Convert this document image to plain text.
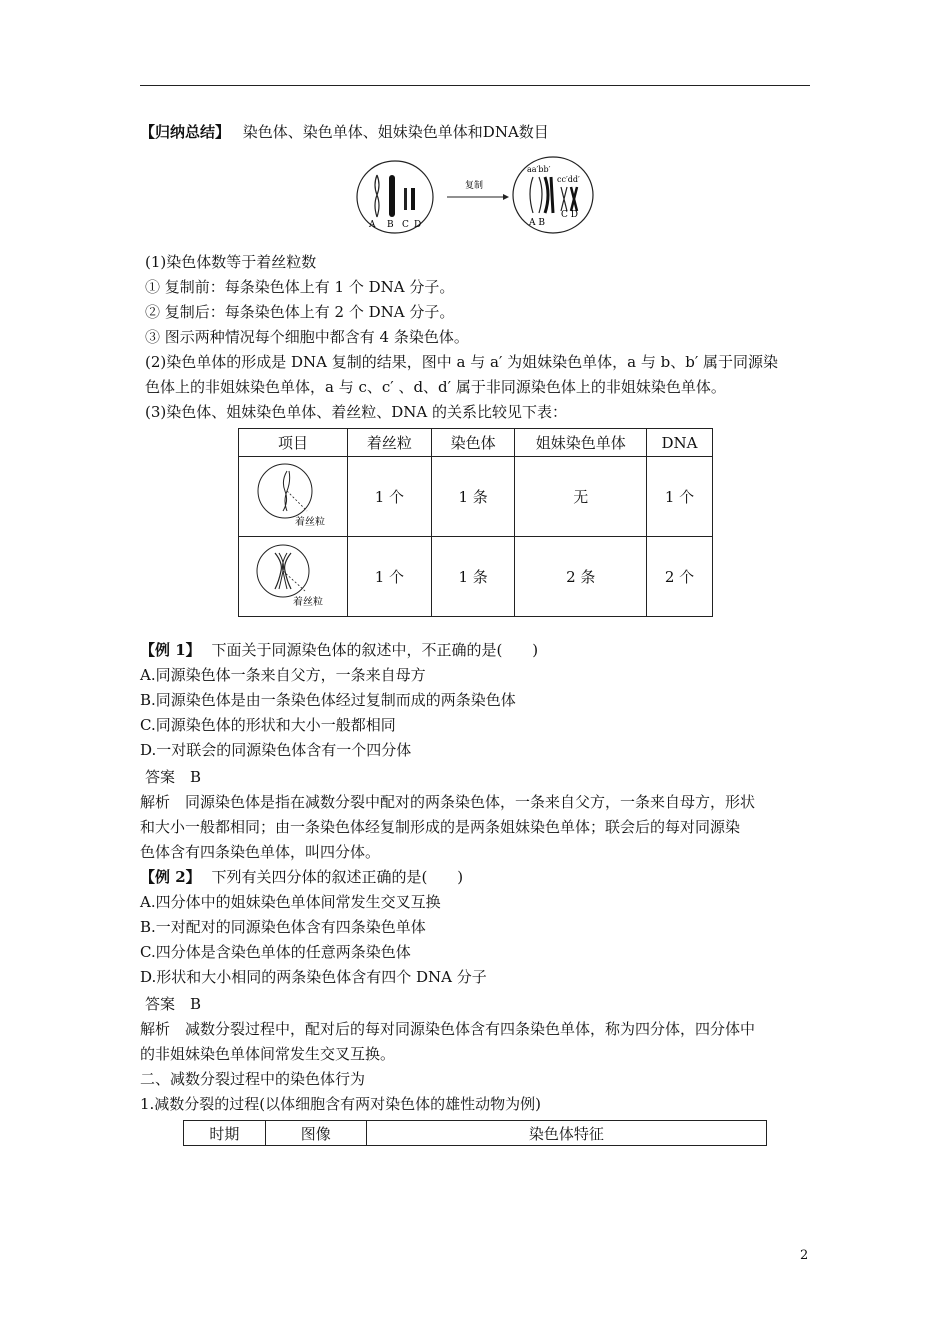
【归纳总结】 染色体、染色单体、姐妹染色单体和DNA数目
A B C D
复制
aa′bb′
cc′dd′
A B
C D
(1)染色体数等于着丝粒数
① 复制前：每条染色体上有 1 个 DNA 分子。
② 复制后：每条染色体上有 2 个 DNA 分子。
③ 图示两种情况每个细胞中都含有 4 条染色体。
(2)染色单体的形成是 DNA 复制的结果，图中 a 与 a′ 为姐妹染色单体，a 与 b、b′ 属于同源染
色体上的非姐妹染色单体，a 与 c、c′ 、d、d′ 属于非同源染色体上的非姐妹染色单体。
(3)染色体、姐妹染色单体、着丝粒、DNA 的关系比较见下表：
项目	着丝粒	染色体	姐妹染色单体	DNA

着丝粒	1 个	1 条	无	1 个

着丝粒	1 个	1 条	2 条	2 个
【例 1】 下面关于同源染色体的叙述中，不正确的是(　　)
A.同源染色体一条来自父方，一条来自母方
B.同源染色体是由一条染色体经过复制而成的两条染色体
C.同源染色体的形状和大小一般都相同
D.一对联会的同源染色体含有一个四分体
答案　B
解析　同源染色体是指在减数分裂中配对的两条染色体，一条来自父方，一条来自母方，形状
和大小一般都相同；由一条染色体经复制形成的是两条姐妹染色单体；联会后的每对同源染
色体含有四条染色单体，叫四分体。
【例 2】 下列有关四分体的叙述正确的是(　　)
A.四分体中的姐妹染色单体间常发生交叉互换
B.一对配对的同源染色体含有四条染色单体
C.四分体是含染色单体的任意两条染色体
D.形状和大小相同的两条染色体含有四个 DNA 分子
答案　B
解析　减数分裂过程中，配对后的每对同源染色体含有四条染色单体，称为四分体，四分体中
的非姐妹染色单体间常发生交叉互换。
二、减数分裂过程中的染色体行为
1.减数分裂的过程(以体细胞含有两对染色体的雄性动物为例)
时期	图像	染色体特征
2
